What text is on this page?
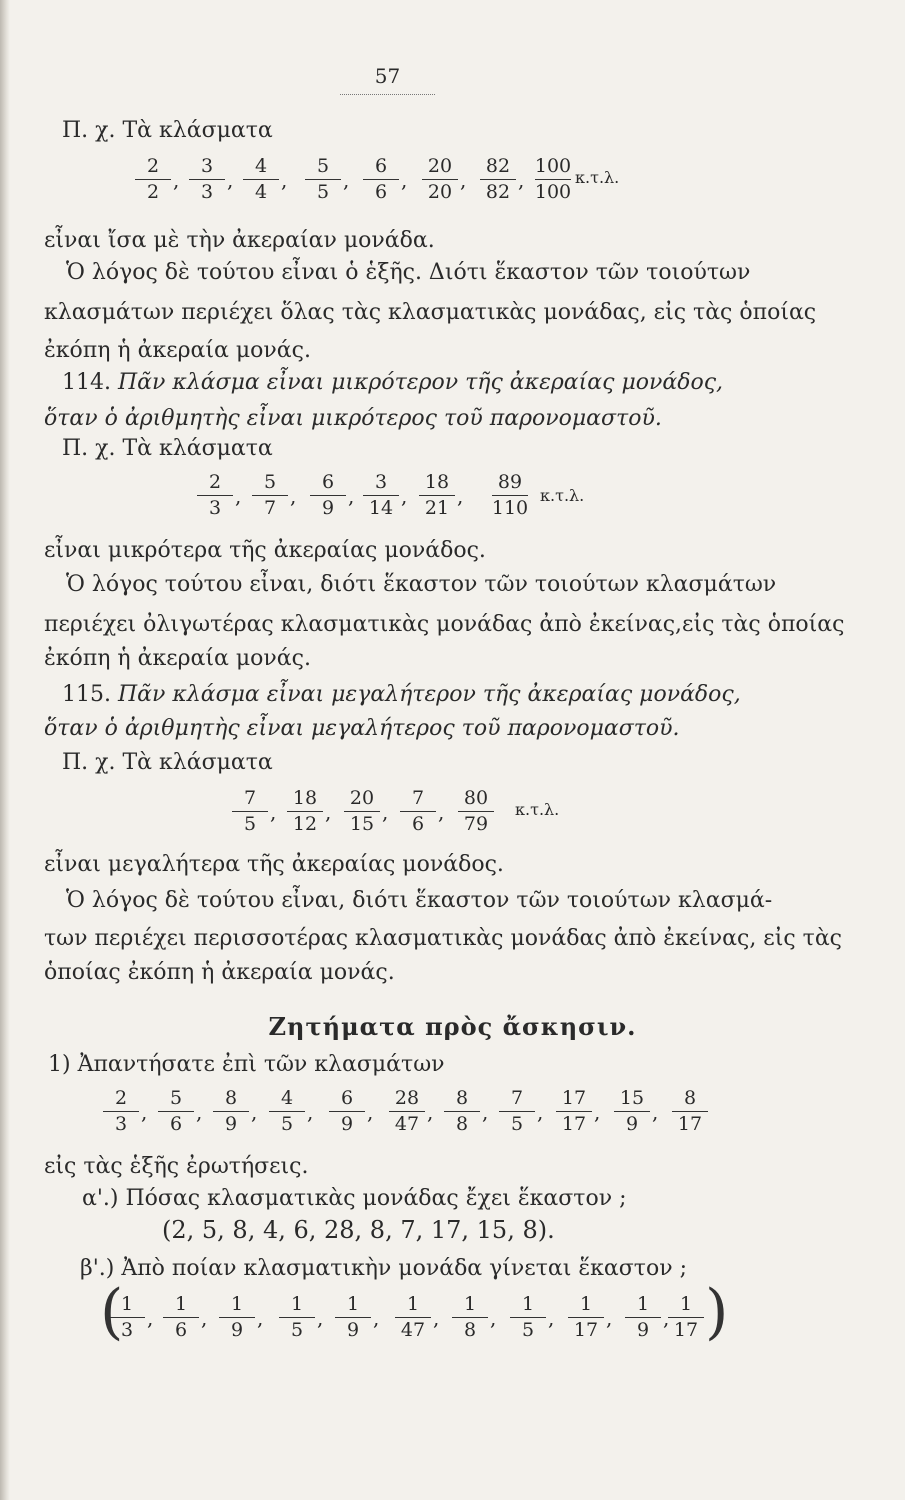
57
Π. χ. Τὰ κλάσματα
2
2 ,
3
3 ,
4
4 ,
5
5 ,
6
6 ,
20
20 ,
82
82 ,
100
100
κ.τ.λ.
εἶναι ἴσα μὲ τὴν ἀκεραίαν μονάδα.
Ὁ λόγος δὲ τούτου εἶναι ὁ ἑξῆς. Διότι ἕκαστον τῶν τοιούτων
κλασμάτων περιέχει ὅλας τὰς κλασματικὰς μονάδας, εἰς τὰς ὁποίας
ἐκόπη ἡ ἀκεραία μονάς.
114. Πᾶν κλάσμα εἶναι μικρότερον τῆς ἀκεραίας μονάδος,
ὅταν ὁ ἀριθμητὴς εἶναι μικρότερος τοῦ παρονομαστοῦ.
Π. χ. Τὰ κλάσματα
2
3 ,
5
7 ,
6
9 ,
3
14 ,
18
21 ,
89
110
κ.τ.λ.
εἶναι μικρότερα τῆς ἀκεραίας μονάδος.
Ὁ λόγος τούτου εἶναι, διότι ἕκαστον τῶν τοιούτων κλασμάτων
περιέχει ὀλιγωτέρας κλασματικὰς μονάδας ἀπὸ ἐκείνας,εἰς τὰς ὁποίας
ἐκόπη ἡ ἀκεραία μονάς.
115. Πᾶν κλάσμα εἶναι μεγαλήτερον τῆς ἀκεραίας μονάδος,
ὅταν ὁ ἀριθμητὴς εἶναι μεγαλήτερος τοῦ παρονομαστοῦ.
Π. χ. Τὰ κλάσματα
7
5 ,
18
12 ,
20
15 ,
7
6 ,
80
79
κ.τ.λ.
εἶναι μεγαλήτερα τῆς ἀκεραίας μονάδος.
Ὁ λόγος δὲ τούτου εἶναι, διότι ἕκαστον τῶν τοιούτων κλασμά-
των περιέχει περισσοτέρας κλασματικὰς μονάδας ἀπὸ ἐκείνας, εἰς τὰς
ὁποίας ἐκόπη ἡ ἀκεραία μονάς.
Ζητήματα πρὸς ἄσκησιν.
1) Ἀπαντήσατε ἐπὶ τῶν κλασμάτων
2
3 ,
5
6 ,
8
9 ,
4
5 ,
6
9 ,
28
47 ,
8
8 ,
7
5 ,
17
17 ,
15
9 ,
8
17
εἰς τὰς ἑξῆς ἐρωτήσεις.
α'.) Πόσας κλασματικὰς μονάδας ἔχει ἕκαστον ;
(2, 5, 8, 4, 6, 28, 8, 7, 17, 15, 8).
β'.) Ἀπὸ ποίαν κλασματικὴν μονάδα γίνεται ἕκαστον ;
(
1
3 ,
1
6 ,
1
9 ,
1
5 ,
1
9 ,
1
47 ,
1
8 ,
1
5 ,
1
17 ,
1
9 ,
1
17 )
